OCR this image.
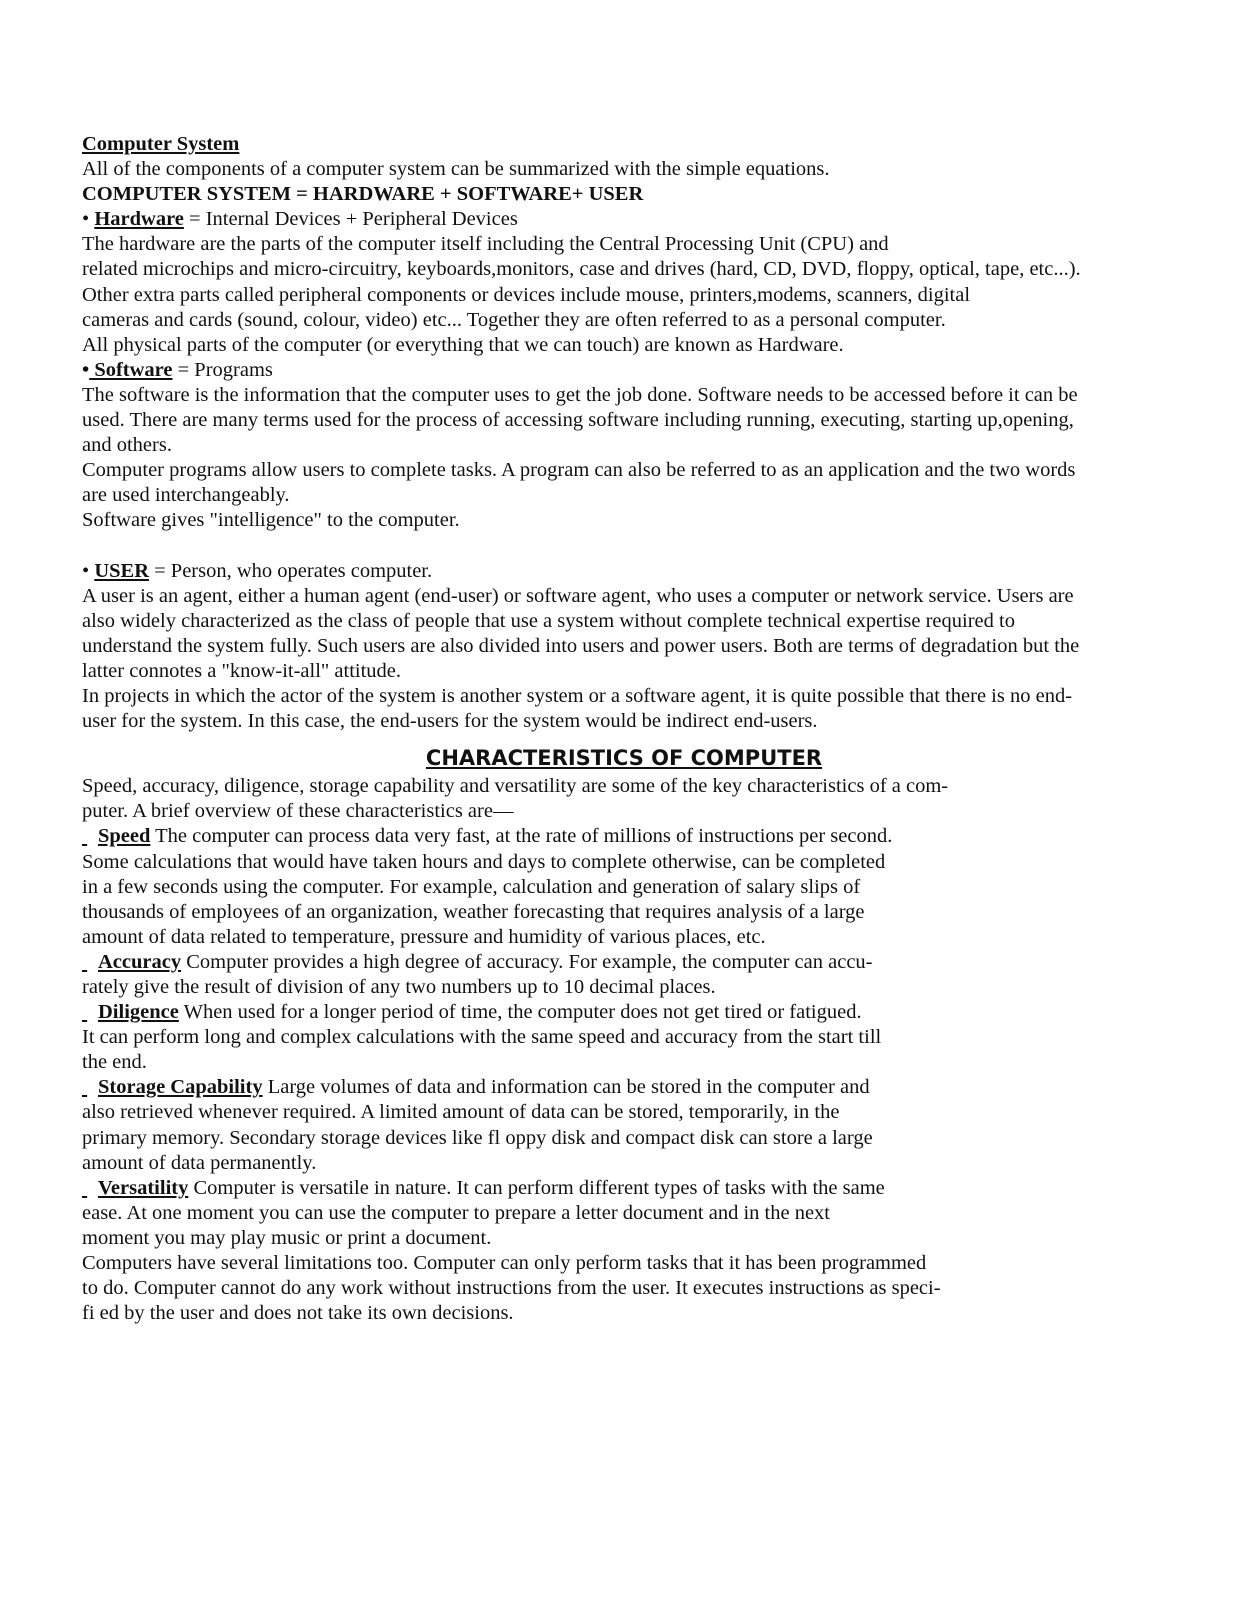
Computer System
All of the components of a computer system can be summarized with the simple equations.
COMPUTER SYSTEM = HARDWARE + SOFTWARE+ USER
• Hardware = Internal Devices + Peripheral Devices
The hardware are the parts of the computer itself including the Central Processing Unit (CPU) and
related microchips and micro-circuitry, keyboards,monitors, case and drives (hard, CD, DVD, floppy, optical, tape, etc...).
Other extra parts called peripheral components or devices include mouse, printers,modems, scanners, digital
cameras and cards (sound, colour, video) etc... Together they are often referred to as a personal computer.
All physical parts of the computer (or everything that we can touch) are known as Hardware.
• Software = Programs
The software is the information that the computer uses to get the job done. Software needs to be accessed before it can be
used. There are many terms used for the process of accessing software including running, executing, starting up,opening,
and others.
Computer programs allow users to complete tasks. A program can also be referred to as an application and the two words
are used interchangeably.
Software gives "intelligence" to the computer.
• USER = Person, who operates computer.
A user is an agent, either a human agent (end-user) or software agent, who uses a computer or network service. Users are
also widely characterized as the class of people that use a system without complete technical expertise required to
understand the system fully. Such users are also divided into users and power users. Both are terms of degradation but the
latter connotes a "know-it-all" attitude.
In projects in which the actor of the system is another system or a software agent, it is quite possible that there is no end-
user for the system. In this case, the end-users for the system would be indirect end-users.
CHARACTERISTICS OF COMPUTER
Speed, accuracy, diligence, storage capability and versatility are some of the key characteristics of a com-
puter. A brief overview of these characteristics are—
Speed The computer can process data very fast, at the rate of millions of instructions per second.
Some calculations that would have taken hours and days to complete otherwise, can be completed
in a few seconds using the computer. For example, calculation and generation of salary slips of
thousands of employees of an organization, weather forecasting that requires analysis of a large
amount of data related to temperature, pressure and humidity of various places, etc.
Accuracy Computer provides a high degree of accuracy. For example, the computer can accu-
rately give the result of division of any two numbers up to 10 decimal places.
Diligence When used for a longer period of time, the computer does not get tired or fatigued.
It can perform long and complex calculations with the same speed and accuracy from the start till
the end.
Storage Capability Large volumes of data and information can be stored in the computer and
also retrieved whenever required. A limited amount of data can be stored, temporarily, in the
primary memory. Secondary storage devices like fl oppy disk and compact disk can store a large
amount of data permanently.
Versatility Computer is versatile in nature. It can perform different types of tasks with the same
ease. At one moment you can use the computer to prepare a letter document and in the next
moment you may play music or print a document.
Computers have several limitations too. Computer can only perform tasks that it has been programmed
to do. Computer cannot do any work without instructions from the user. It executes instructions as speci-
fi ed by the user and does not take its own decisions.
